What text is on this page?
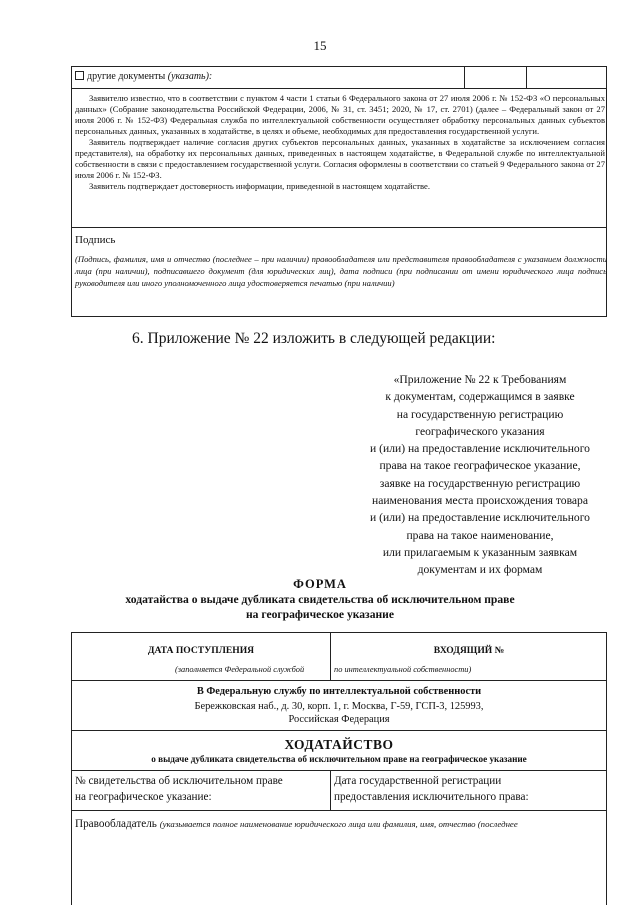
15
другие документы (указать):

Заявителю известно, что в соответствии с пунктом 4 части 1 статьи 6 Федерального закона от 27 июля 2006 г. № 152-ФЗ «О персональных данных» (Собрание законодательства Российской Федерации, 2006, № 31, ст. 3451; 2020, № 17, ст. 2701) (далее – Федеральный закон от 27 июля 2006 г. № 152-ФЗ) Федеральная служба по интеллектуальной собственности осуществляет обработку персональных данных субъектов персональных данных, указанных в ходатайстве, в целях и объеме, необходимых для предоставления государственной услуги.

Заявитель подтверждает наличие согласия других субъектов персональных данных, указанных в ходатайстве за исключением согласия представителя), на обработку их персональных данных, приведенных в настоящем ходатайстве, в Федеральной службе по интеллектуальной собственности в связи с предоставлением государственной услуги. Согласия оформлены в соответствии со статьей 9 Федерального закона от 27 июля 2006 г. № 152-ФЗ.

Заявитель подтверждает достоверность информации, приведенной в настоящем ходатайстве.

Подпись
(Подпись, фамилия, имя и отчество (последнее – при наличии) правообладателя или представителя правообладателя с указанием должности лица (при наличии), подписавшего документ (для юридических лиц), дата подписи (при подписании от имени юридического лица подпись руководителя или иного уполномоченного лица удостоверяется печатью (при наличии)
6. Приложение № 22 изложить в следующей редакции:
«Приложение № 22 к Требованиям
к документам, содержащимся в заявке
на государственную регистрацию
географического указания
и (или) на предоставление исключительного
права на такое географическое указание,
заявке на государственную регистрацию
наименования места происхождения товара
и (или) на предоставление исключительного
права на такое наименование,
или прилагаемым к указанным заявкам
документам и их формам
ФОРМА
ходатайства о выдаче дубликата свидетельства об исключительном праве
на географическое указание
ДАТА ПОСТУПЛЕНИЯ	ВХОДЯЩИЙ №
(заполняется Федеральной службой	по интеллектуальной собственности)
В Федеральную службу по интеллектуальной собственности
Бережковская наб., д. 30, корп. 1, г. Москва, Г-59, ГСП-3, 125993,
Российская Федерация
ХОДАТАЙСТВО
о выдаче дубликата свидетельства об исключительном праве на географическое указание
№ свидетельства об исключительном праве
на географическое указание:
Дата государственной регистрации
предоставления исключительного права:
Правообладатель (указывается полное наименование юридического лица или фамилия, имя, отчество (последнее
